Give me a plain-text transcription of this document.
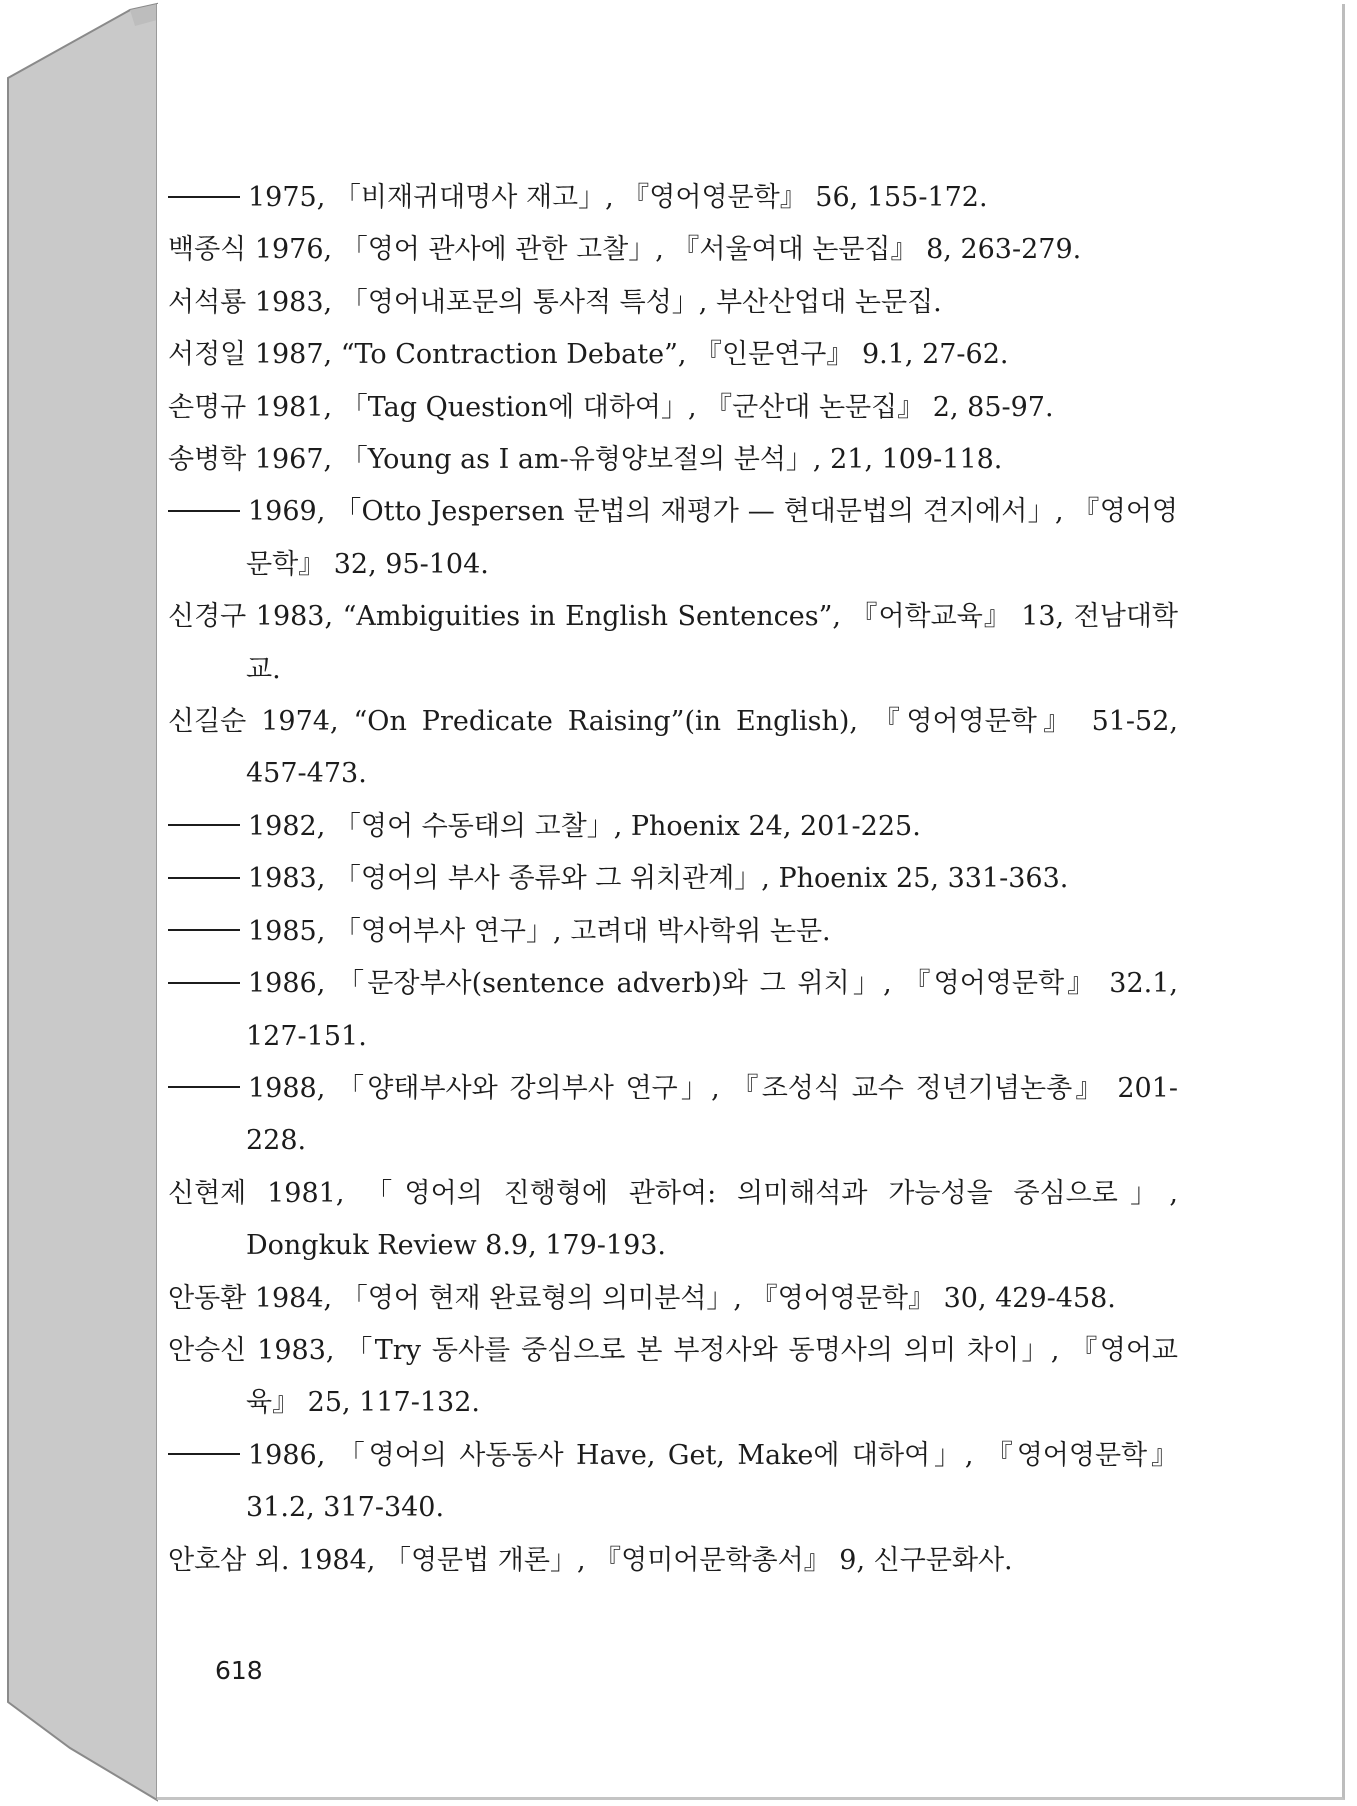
1975, 「비재귀대명사 재고」, 『영어영문학』 56, 155-172.
백종식 1976, 「영어 관사에 관한 고찰」, 『서울여대 논문집』 8, 263-279.
서석룡 1983, 「영어내포문의 통사적 특성」, 부산산업대 논문집.
서정일 1987, “To Contraction Debate”, 『인문연구』 9.1, 27-62.
손명규 1981, 「Tag Question에 대하여」, 『군산대 논문집』 2, 85-97.
송병학 1967, 「Young as I am-유형양보절의 분석」, 21, 109-118.
1969, 「Otto Jespersen 문법의 재평가 — 현대문법의 견지에서」, 『영어영문학』 32, 95-104.
신경구 1983, “Ambiguities in English Sentences”, 『어학교육』 13, 전남대학교.
신길순 1974, “On Predicate Raising”(in English), 『영어영문학』 51-52, 457-473.
1982, 「영어 수동태의 고찰」, Phoenix 24, 201-225.
1983, 「영어의 부사 종류와 그 위치관계」, Phoenix 25, 331-363.
1985, 「영어부사 연구」, 고려대 박사학위 논문.
1986, 「문장부사(sentence adverb)와 그 위치」, 『영어영문학』 32.1, 127-151.
1988, 「양태부사와 강의부사 연구」, 『조성식 교수 정년기념논총』 201-228.
신현제 1981, 「영어의 진행형에 관하여: 의미해석과 가능성을 중심으로」, Dongkuk Review 8.9, 179-193.
안동환 1984, 「영어 현재 완료형의 의미분석」, 『영어영문학』 30, 429-458.
안승신 1983, 「Try 동사를 중심으로 본 부정사와 동명사의 의미 차이」, 『영어교육』 25, 117-132.
1986, 「영어의 사동동사 Have, Get, Make에 대하여」, 『영어영문학』 31.2, 317-340.
안호삼 외. 1984, 「영문법 개론」, 『영미어문학총서』 9, 신구문화사.
618
